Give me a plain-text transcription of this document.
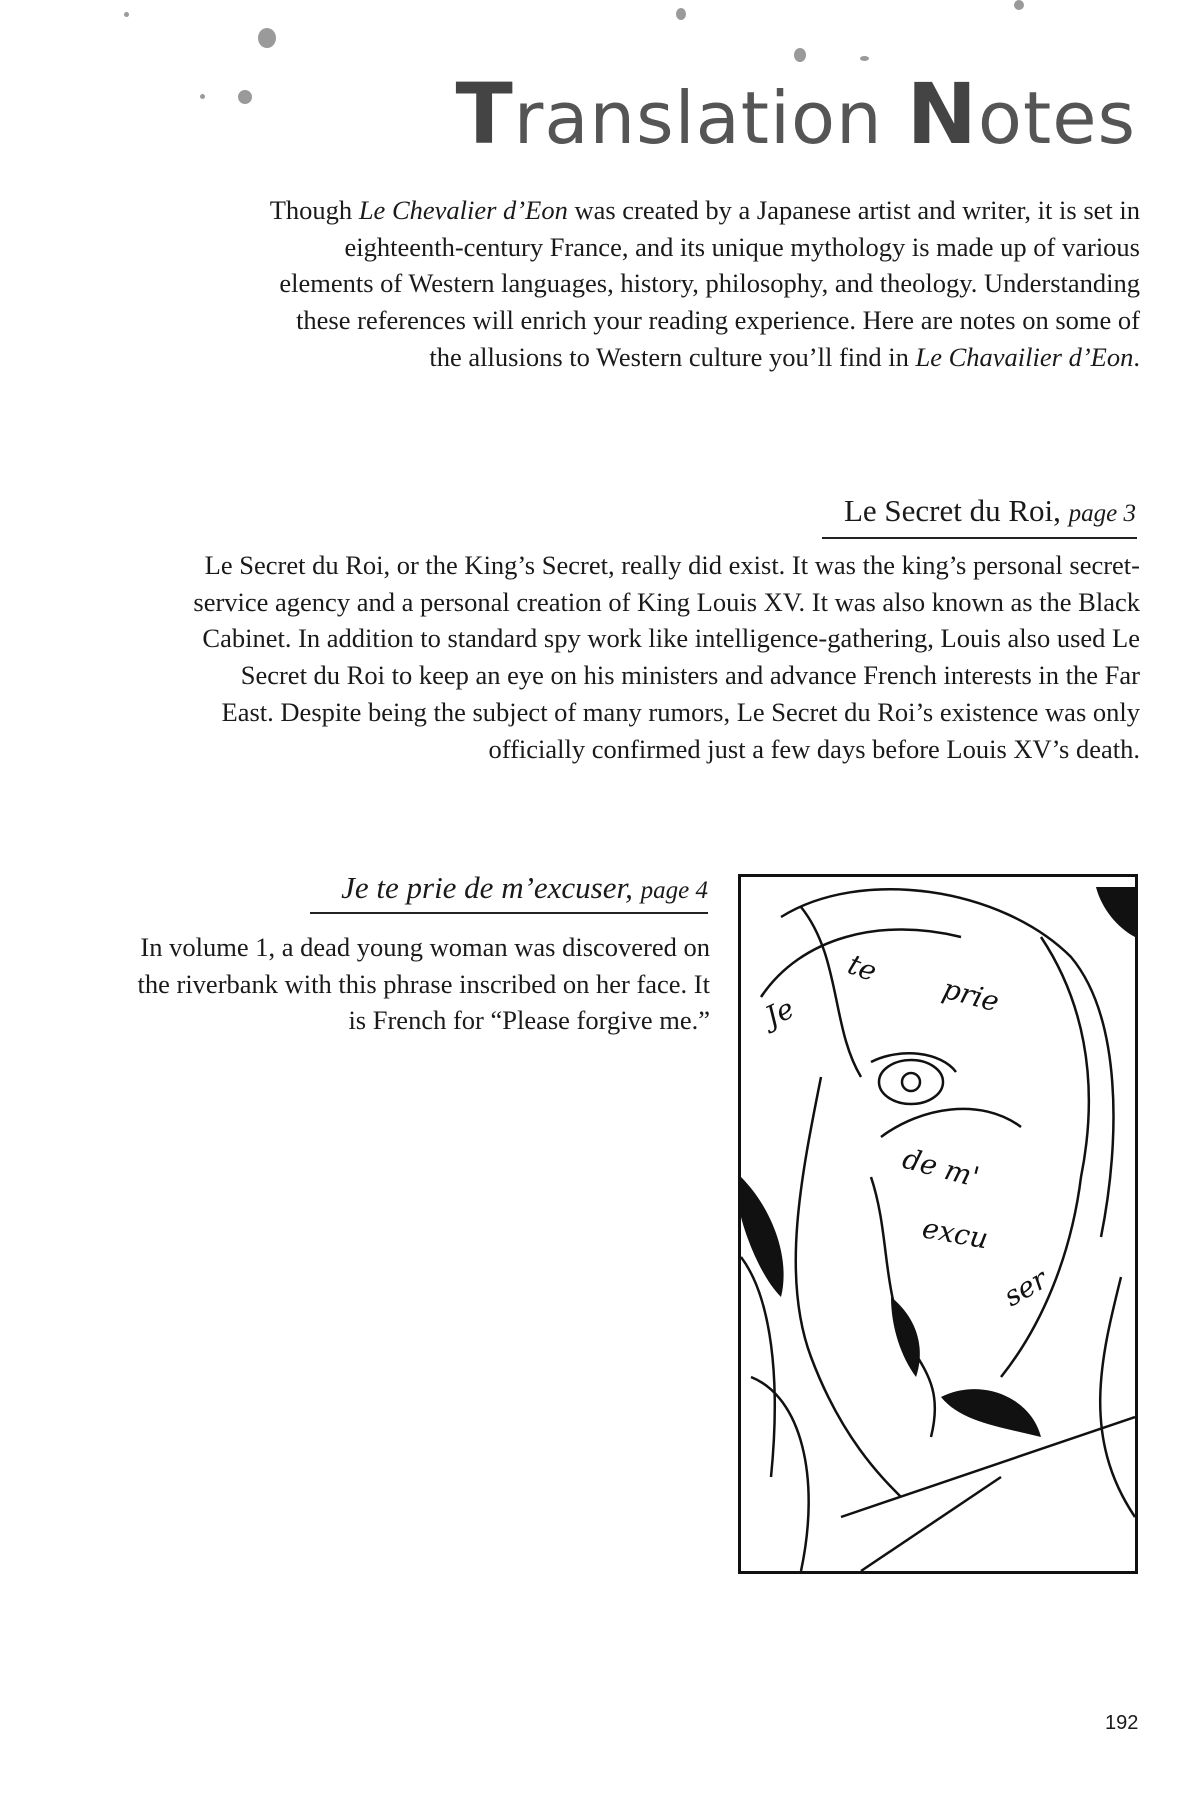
Translation Notes
Though Le Chevalier d’Eon was created by a Japanese artist and writer, it is set in eighteenth-century France, and its unique mythology is made up of various elements of Western languages, history, philosophy, and theology. Understanding these references will enrich your reading experience. Here are notes on some of the allusions to Western culture you’ll find in Le Chavailier d’Eon.
Le Secret du Roi, page 3
Le Secret du Roi, or the King’s Secret, really did exist. It was the king’s personal secret-service agency and a personal creation of King Louis XV. It was also known as the Black Cabinet. In addition to standard spy work like intelligence-gathering, Louis also used Le Secret du Roi to keep an eye on his ministers and advance French interests in the Far East. Despite being the subject of many rumors, Le Secret du Roi’s existence was only officially confirmed just a few days before Louis XV’s death.
Je te prie de m’excuser, page 4
In volume 1, a dead young woman was discovered on the riverbank with this phrase inscribed on her face. It is French for “Please forgive me.” Je
te
prie
de m'
excu
ser
192
